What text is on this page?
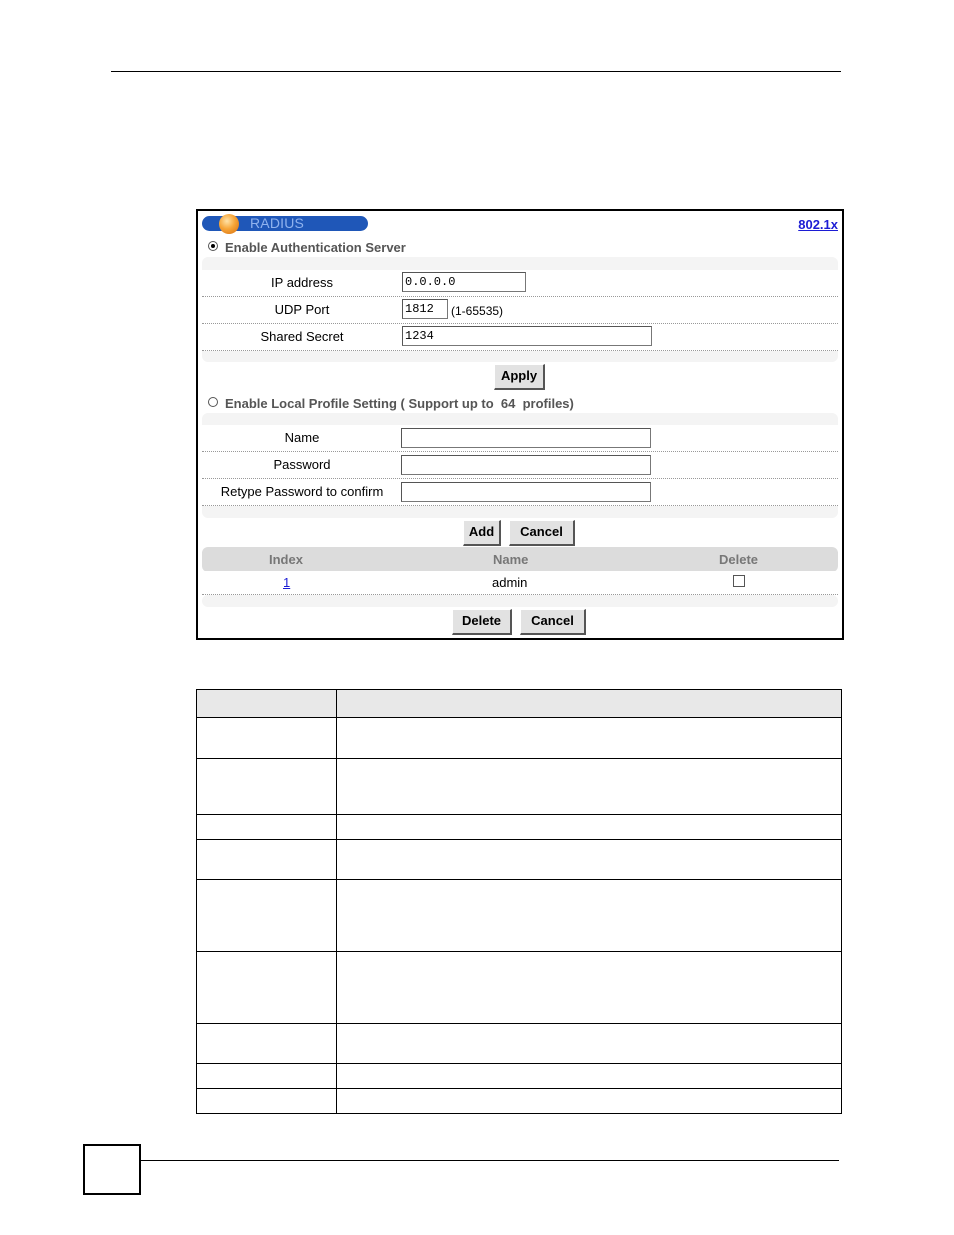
RADIUS	802.1x
Enable Authentication Server
IP address	0.0.0.0
UDP Port	1812	(1-65535)
Shared Secret	1234
Apply
Enable Local Profile Setting ( Support up to  64  profiles)
Name
Password
Retype Password to confirm
Add	Cancel
Index	Name	Delete
1	admin
Delete	Cancel
